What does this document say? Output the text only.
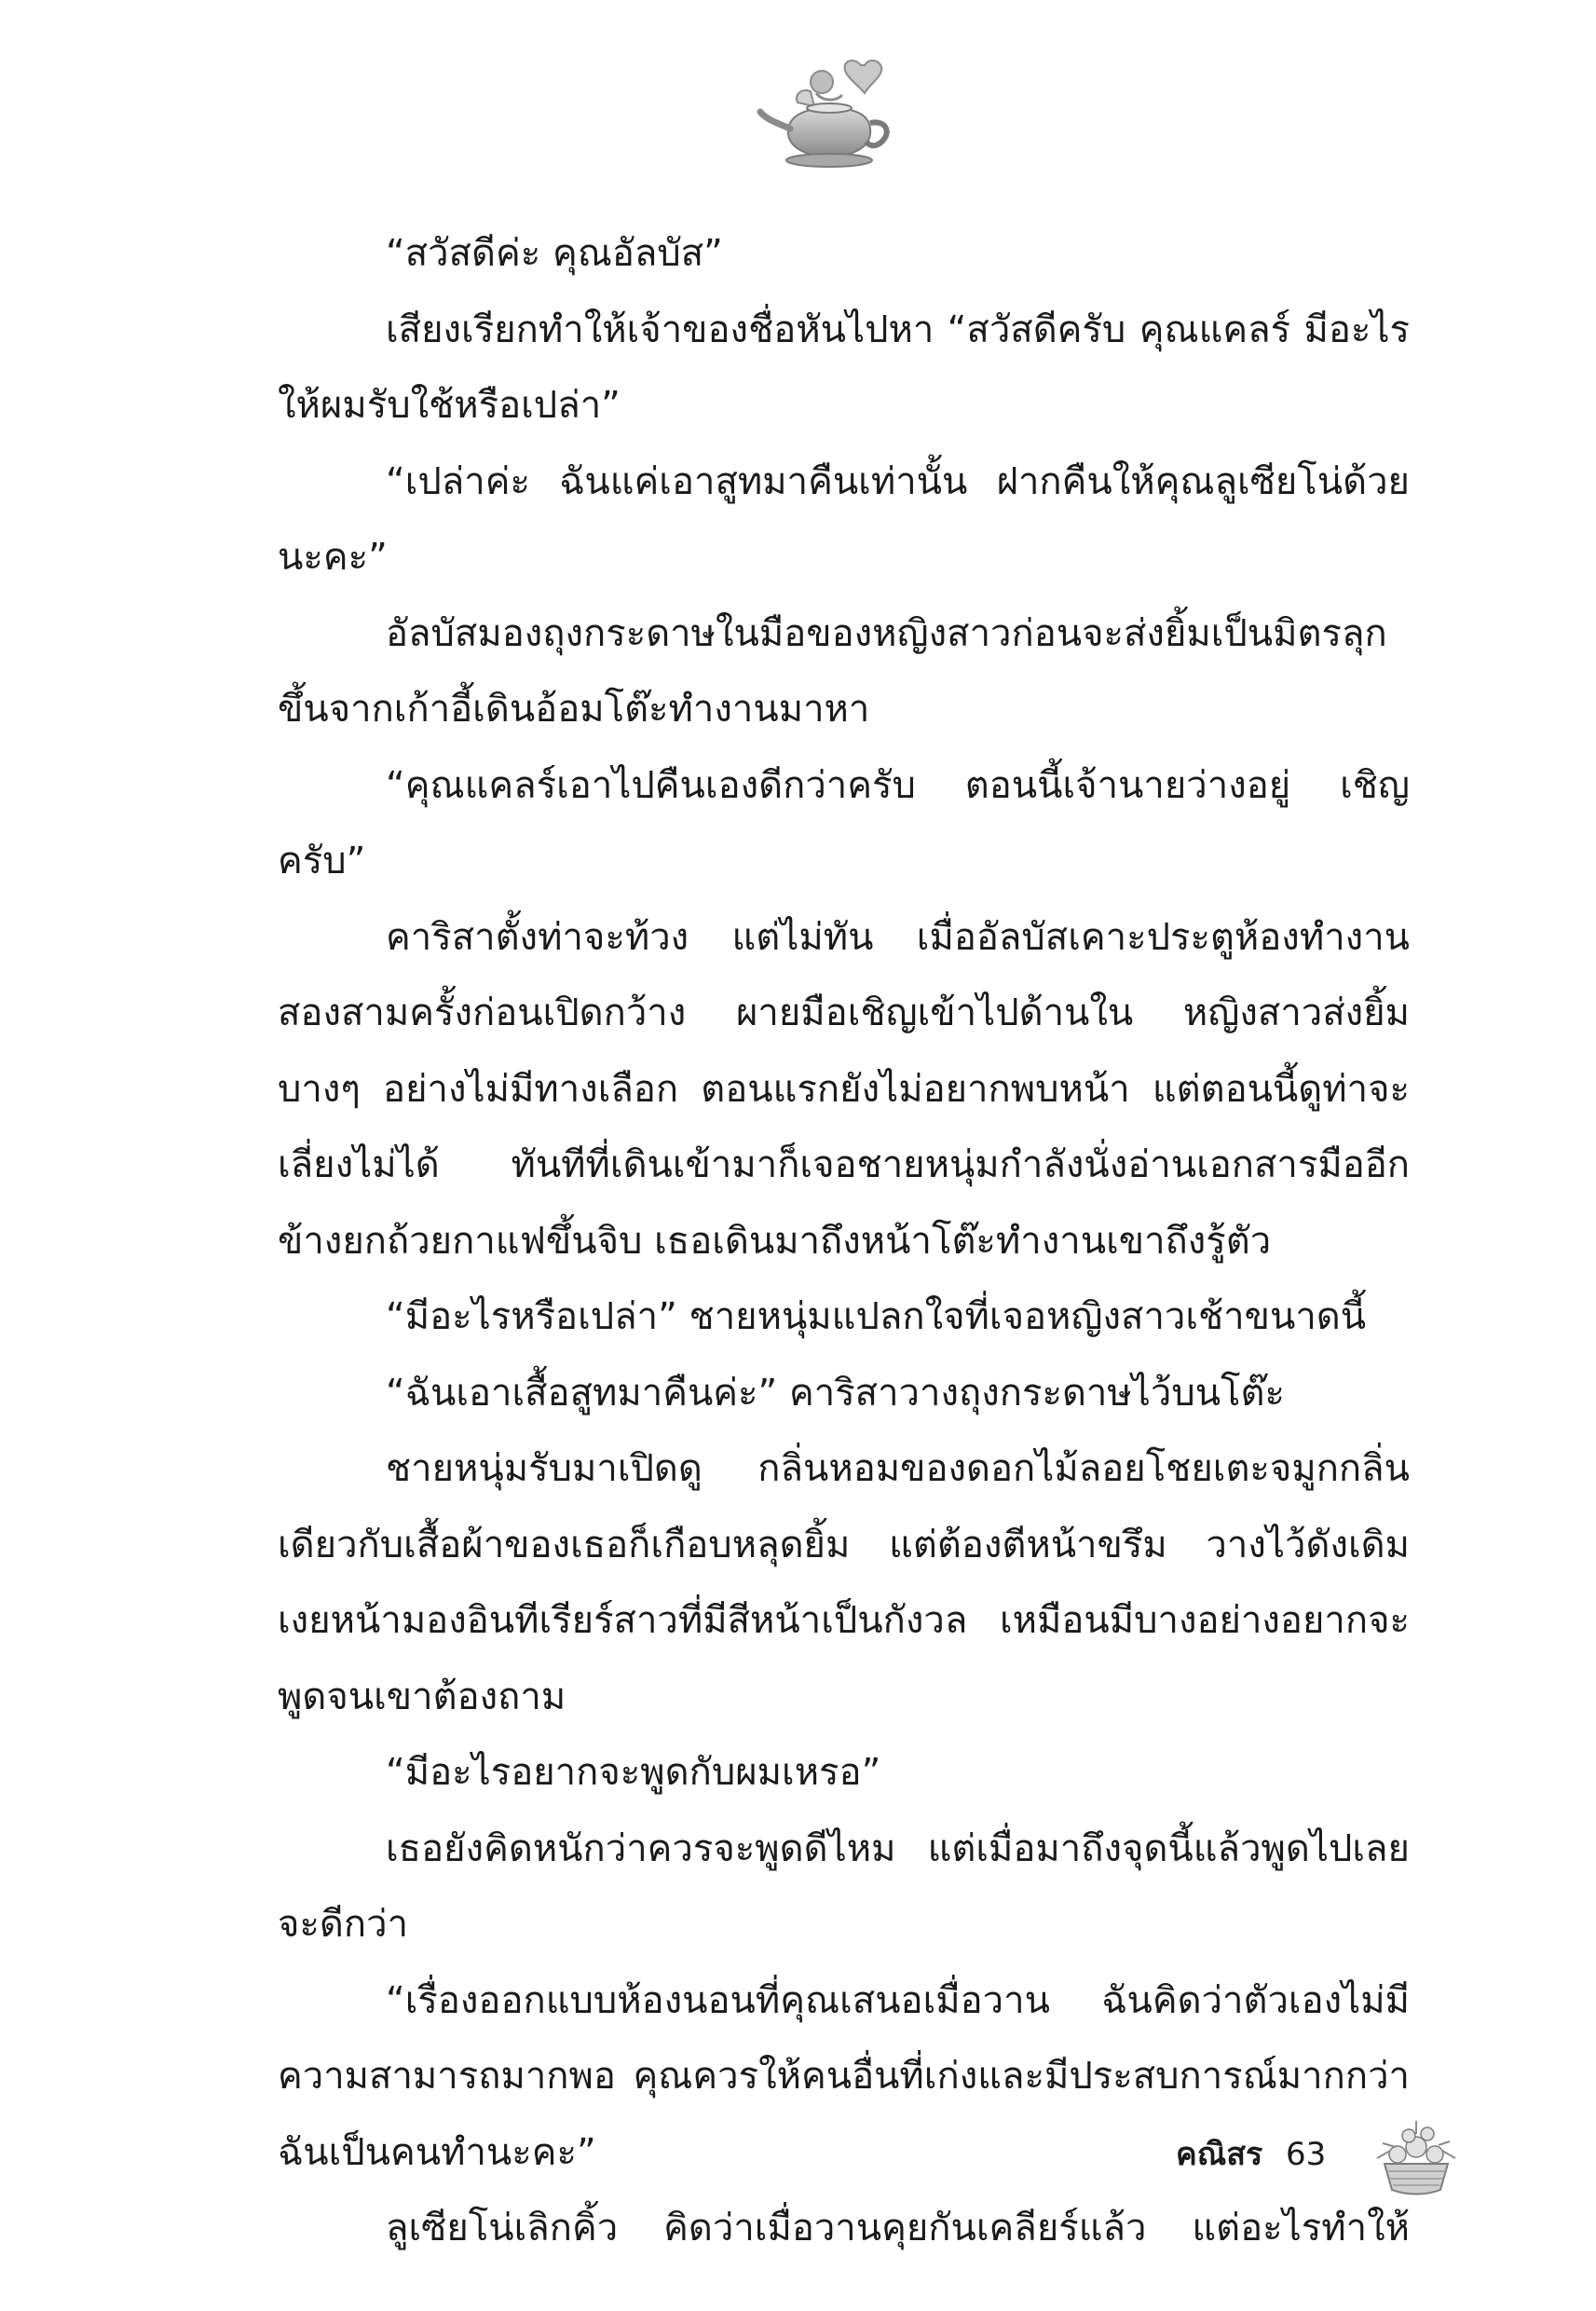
“สวัสดีค่ะ คุณอัลบัส”

เสียงเรียกทำให้เจ้าของชื่อหันไปหา “สวัสดีครับ คุณแคลร์ มีอะไรให้ผมรับใช้หรือเปล่า”

“เปล่าค่ะ ฉันแค่เอาสูทมาคืนเท่านั้น ฝากคืนให้คุณลูเซียโน่ด้วยนะคะ”

อัลบัสมองถุงกระดาษในมือของหญิงสาวก่อนจะส่งยิ้มเป็นมิตรลุกขึ้นจากเก้าอี้เดินอ้อมโต๊ะทำงานมาหา

“คุณแคลร์เอาไปคืนเองดีกว่าครับ ตอนนี้เจ้านายว่างอยู่ เชิญครับ”

คาริสาตั้งท่าจะท้วง แต่ไม่ทัน เมื่ออัลบัสเคาะประตูห้องทำงานสองสามครั้งก่อนเปิดกว้าง ผายมือเชิญเข้าไปด้านใน หญิงสาวส่งยิ้มบางๆ อย่างไม่มีทางเลือก ตอนแรกยังไม่อยากพบหน้า แต่ตอนนี้ดูท่าจะเลี่ยงไม่ได้ ทันทีที่เดินเข้ามาก็เจอชายหนุ่มกำลังนั่งอ่านเอกสารมืออีกข้างยกถ้วยกาแฟขึ้นจิบ เธอเดินมาถึงหน้าโต๊ะทำงานเขาถึงรู้ตัว

“มีอะไรหรือเปล่า” ชายหนุ่มแปลกใจที่เจอหญิงสาวเช้าขนาดนี้

“ฉันเอาเสื้อสูทมาคืนค่ะ” คาริสาวางถุงกระดาษไว้บนโต๊ะ

ชายหนุ่มรับมาเปิดดู กลิ่นหอมของดอกไม้ลอยโชยเตะจมูกกลิ่นเดียวกับเสื้อผ้าของเธอก็เกือบหลุดยิ้ม แต่ต้องตีหน้าขรึม วางไว้ดังเดิม เงยหน้ามองอินทีเรียร์สาวที่มีสีหน้าเป็นกังวล เหมือนมีบางอย่างอยากจะพูดจนเขาต้องถาม

“มีอะไรอยากจะพูดกับผมเหรอ”

เธอยังคิดหนักว่าควรจะพูดดีไหม แต่เมื่อมาถึงจุดนี้แล้วพูดไปเลยจะดีกว่า

“เรื่องออกแบบห้องนอนที่คุณเสนอเมื่อวาน ฉันคิดว่าตัวเองไม่มีความสามารถมากพอ คุณควรให้คนอื่นที่เก่งและมีประสบการณ์มากกว่าฉันเป็นคนทำนะคะ”

ลูเซียโน่เลิกคิ้ว คิดว่าเมื่อวานคุยกันเคลียร์แล้ว แต่อะไรทำให้

คณิสร 63
